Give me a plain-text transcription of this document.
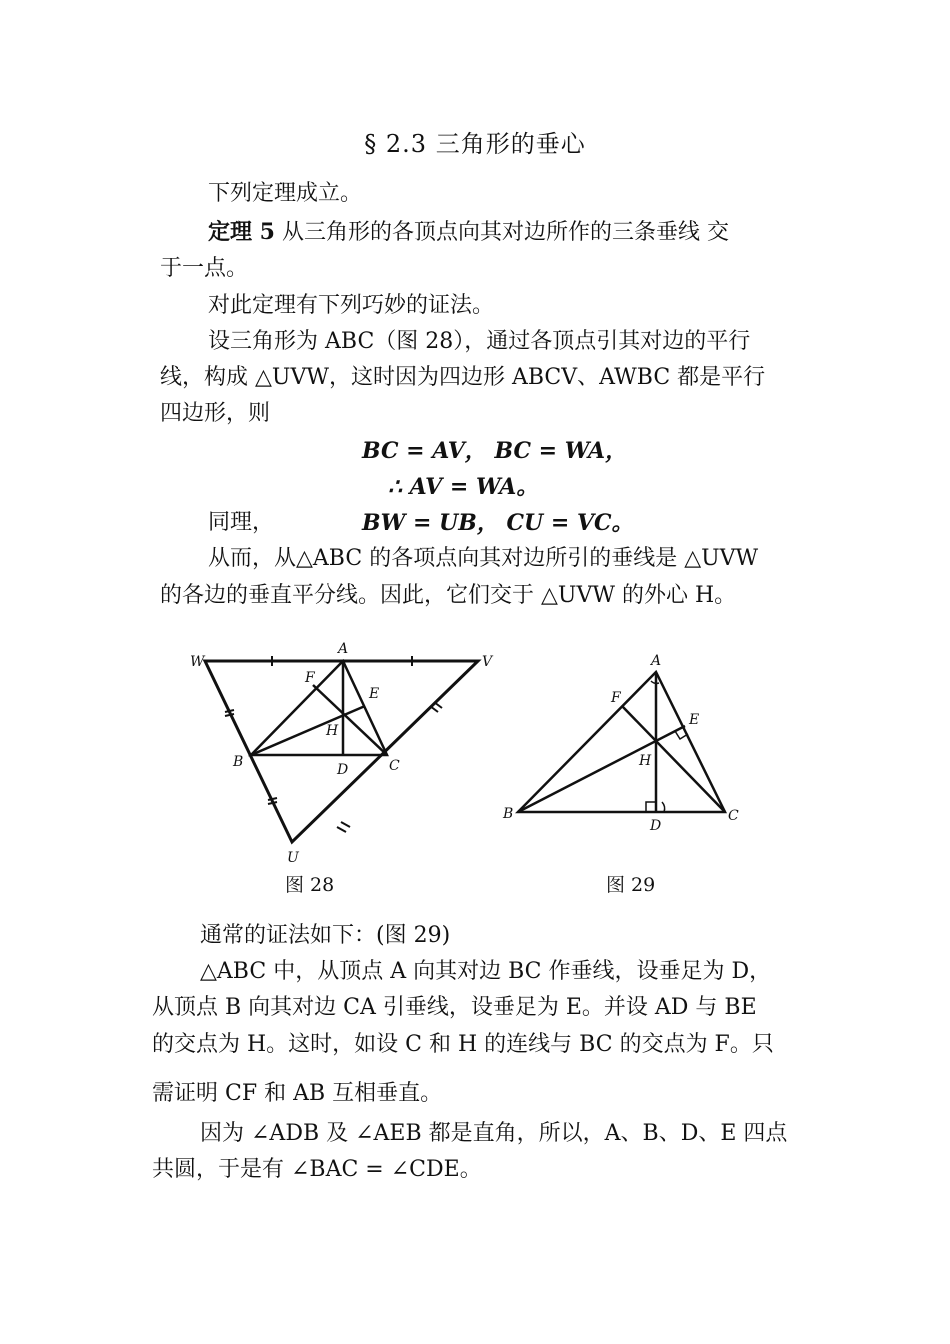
§ 2.3 三角形的垂心
下列定理成立。
定理 5 从三角形的各顶点向其对边所作的三条垂线 交
于一点。
对此定理有下列巧妙的证法。
设三角形为 ABC（图 28），通过各顶点引其对边的平行
线，构成 △UVW，这时因为四边形 ABCV、AWBC 都是平行
四边形，则
BC = AV， BC = WA，
∴ AV = WA。
同理，	BW = UB， CU = VC。
从而，从△ABC 的各项点向其对边所引的垂线是 △UVW
的各边的垂直平分线。因此，它们交于 △UVW 的外心 H。
W
A
V
F
E
H
B	D	C
U
A
F
E
H
B
D
C
图 28	图 29
通常的证法如下：(图 29)
△ABC 中，从顶点 A 向其对边 BC 作垂线，设垂足为 D，
从顶点 B 向其对边 CA 引垂线，设垂足为 E。并设 AD 与 BE
的交点为 H。这时，如设 C 和 H 的连线与 BC 的交点为 F。只
需证明 CF 和 AB 互相垂直。
因为 ∠ADB 及 ∠AEB 都是直角，所以，A、B、D、E 四点
共圆，于是有 ∠BAC = ∠CDE。
